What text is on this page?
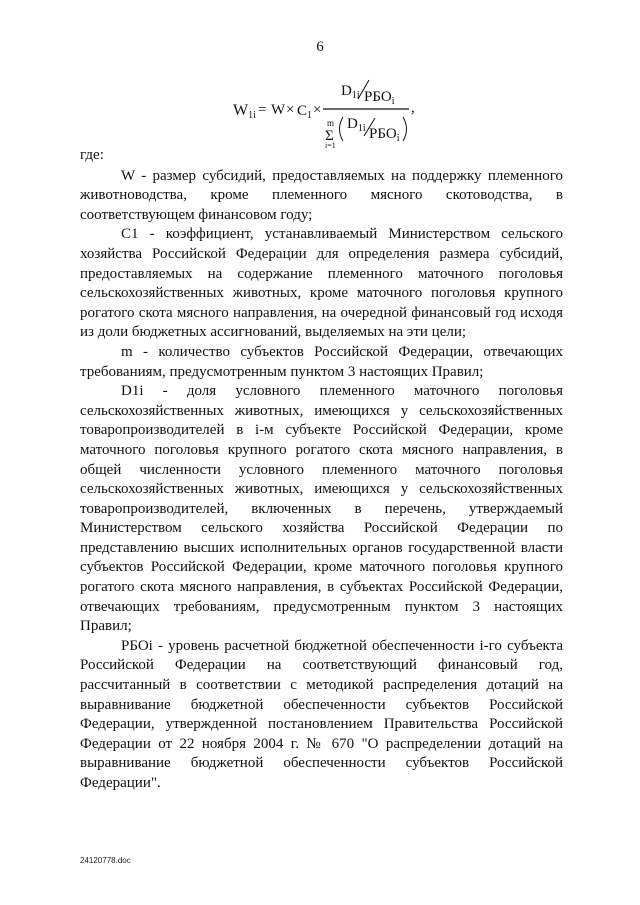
6
$W1i = W \times C_1$ ×
$D_{1i}$ $РБО_i$ ,
m
Σ
i=1
$D_{1i}$ $РБО_i$

где:

W - размер субсидий, предоставляемых на поддержку племенного животноводства, кроме племенного мясного скотоводства, в соответствующем финансовом году;

C1 - коэффициент, устанавливаемый Министерством сельского хозяйства Российской Федерации для определения размера субсидий, предоставляемых на содержание племенного маточного поголовья сельскохозяйственных животных, кроме маточного поголовья крупного рогатого скота мясного направления, на очередной финансовый год исходя из доли бюджетных ассигнований, выделяемых на эти цели;

m - количество субъектов Российской Федерации, отвечающих требованиям, предусмотренным пунктом 3 настоящих Правил;

D1i - доля условного племенного маточного поголовья сельскохозяйственных животных, имеющихся у сельскохозяйственных товаропроизводителей в i-м субъекте Российской Федерации, кроме маточного поголовья крупного рогатого скота мясного направления, в общей численности условного племенного маточного поголовья сельскохозяйственных животных, имеющихся у сельскохозяйственных товаропроизводителей, включенных в перечень, утверждаемый Министерством сельского хозяйства Российской Федерации по представлению высших исполнительных органов государственной власти субъектов Российской Федерации, кроме маточного поголовья крупного рогатого скота мясного направления, в субъектах Российской Федерации, отвечающих требованиям, предусмотренным пунктом 3 настоящих Правил;

РБОi - уровень расчетной бюджетной обеспеченности i-го субъекта Российской Федерации на соответствующий финансовый год, рассчитанный в соответствии с методикой распределения дотаций на выравнивание бюджетной обеспеченности субъектов Российской Федерации, утвержденной постановлением Правительства Российской Федерации от 22 ноября 2004 г. № 670 "О распределении дотаций на выравнивание бюджетной обеспеченности субъектов Российской Федерации".

24120778.doc
